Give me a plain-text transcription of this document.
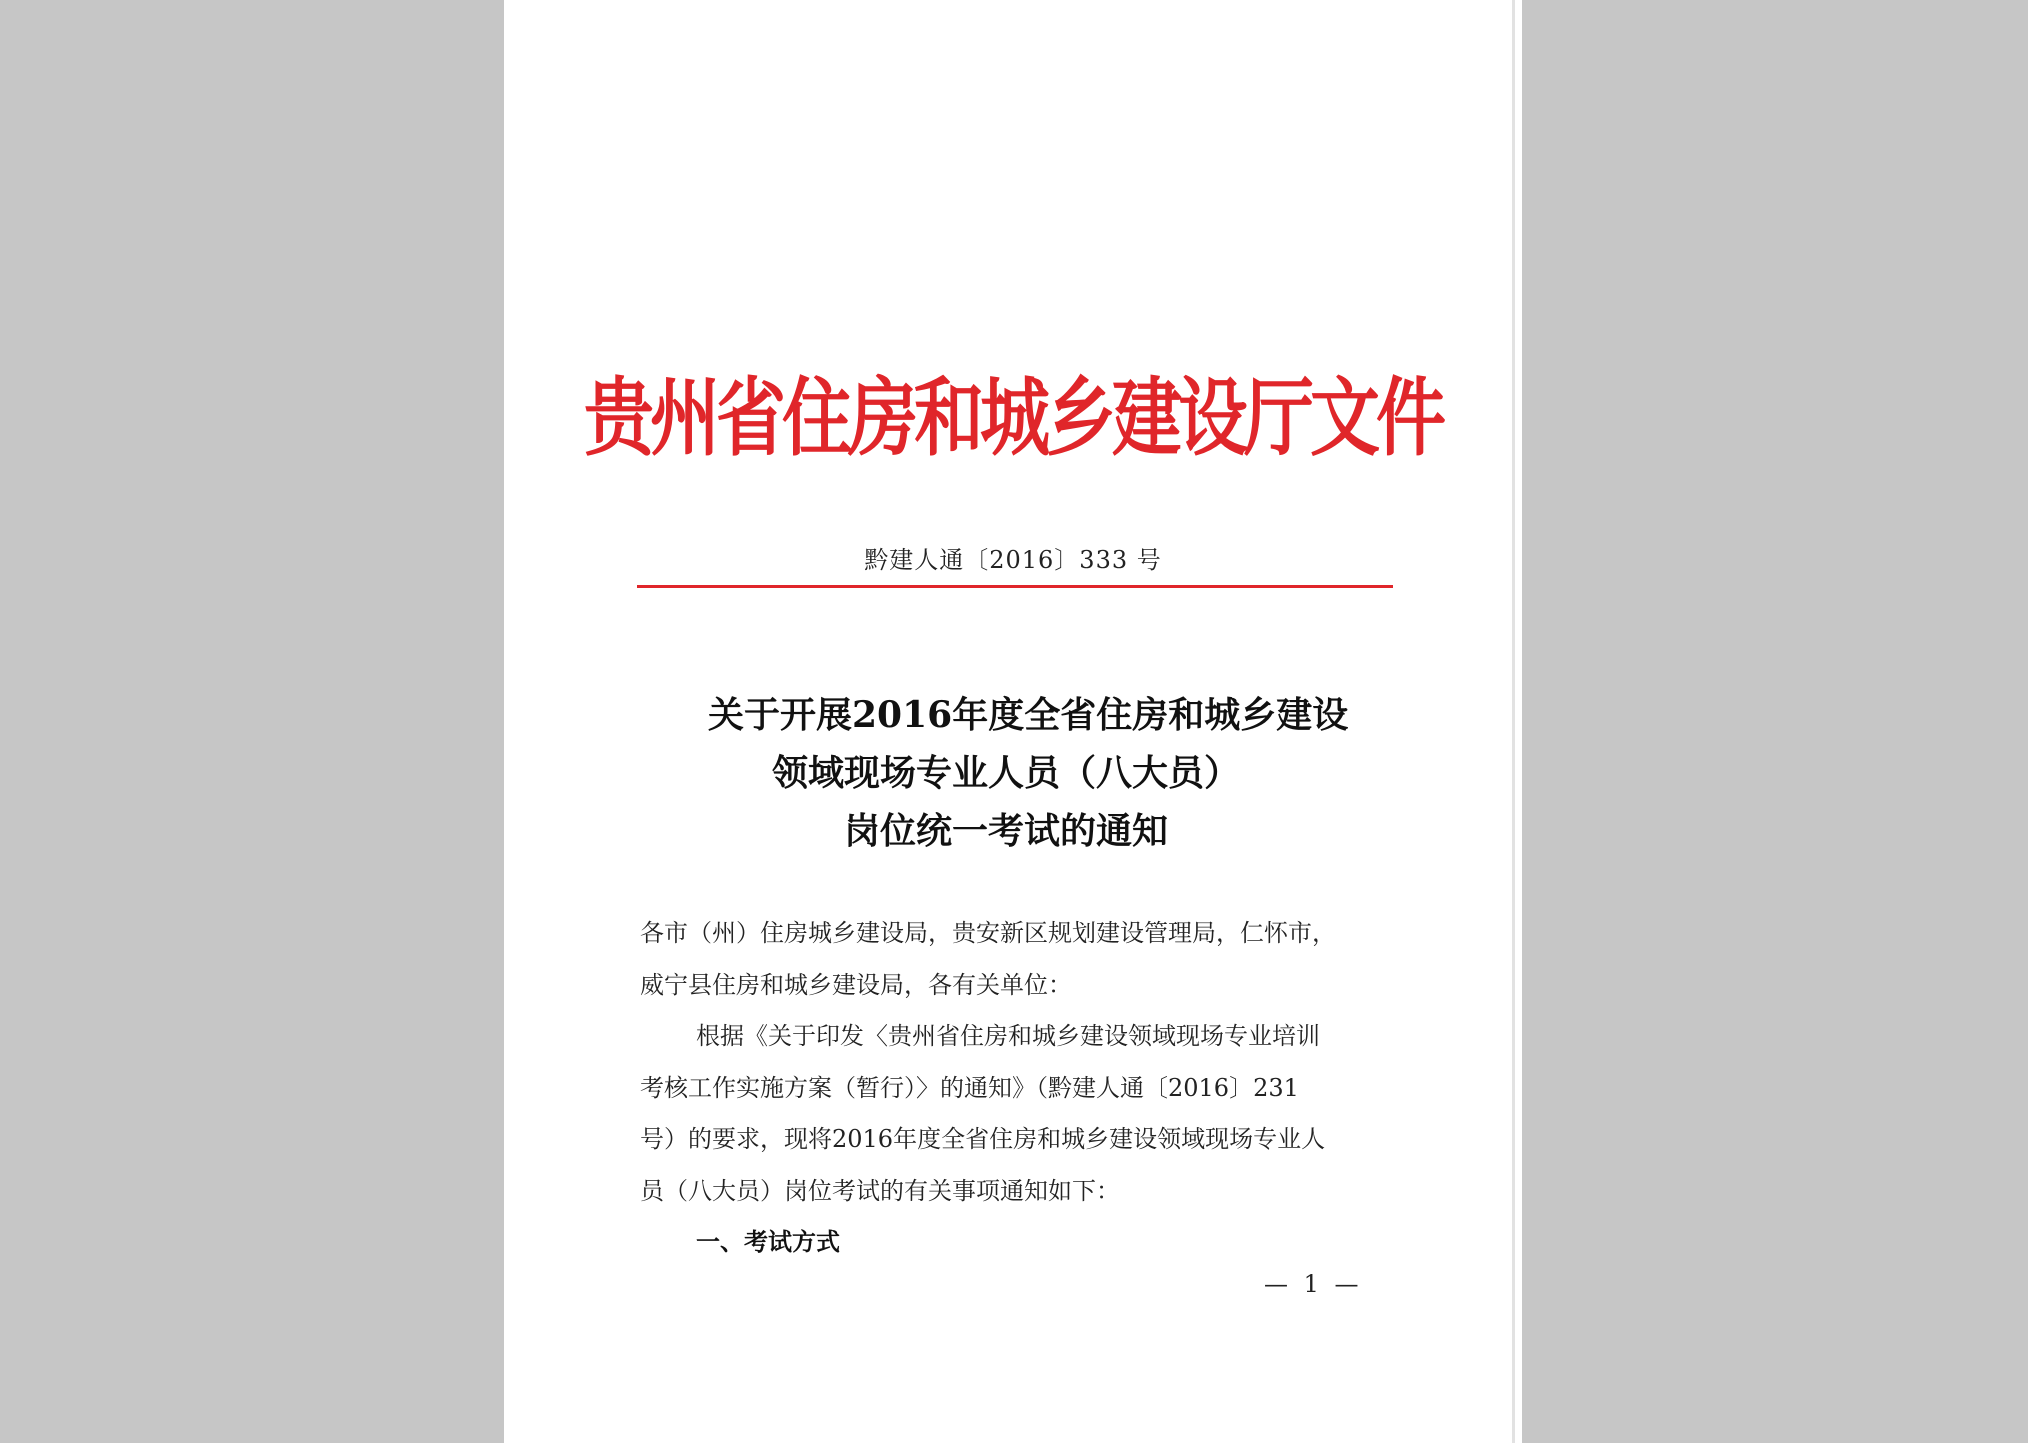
贵州省住房和城乡建设厅文件
黔建人通〔2016〕333 号
关于开展2016年度全省住房和城乡建设
领域现场专业人员（八大员）
岗位统一考试的通知
各市（州）住房城乡建设局，贵安新区规划建设管理局，仁怀市，
威宁县住房和城乡建设局，各有关单位：
根据《关于印发〈贵州省住房和城乡建设领域现场专业培训
考核工作实施方案（暂行）〉的通知》（黔建人通〔2016〕231
号）的要求，现将2016年度全省住房和城乡建设领域现场专业人
员（八大员）岗位考试的有关事项通知如下：
一、考试方式
— 1 —
